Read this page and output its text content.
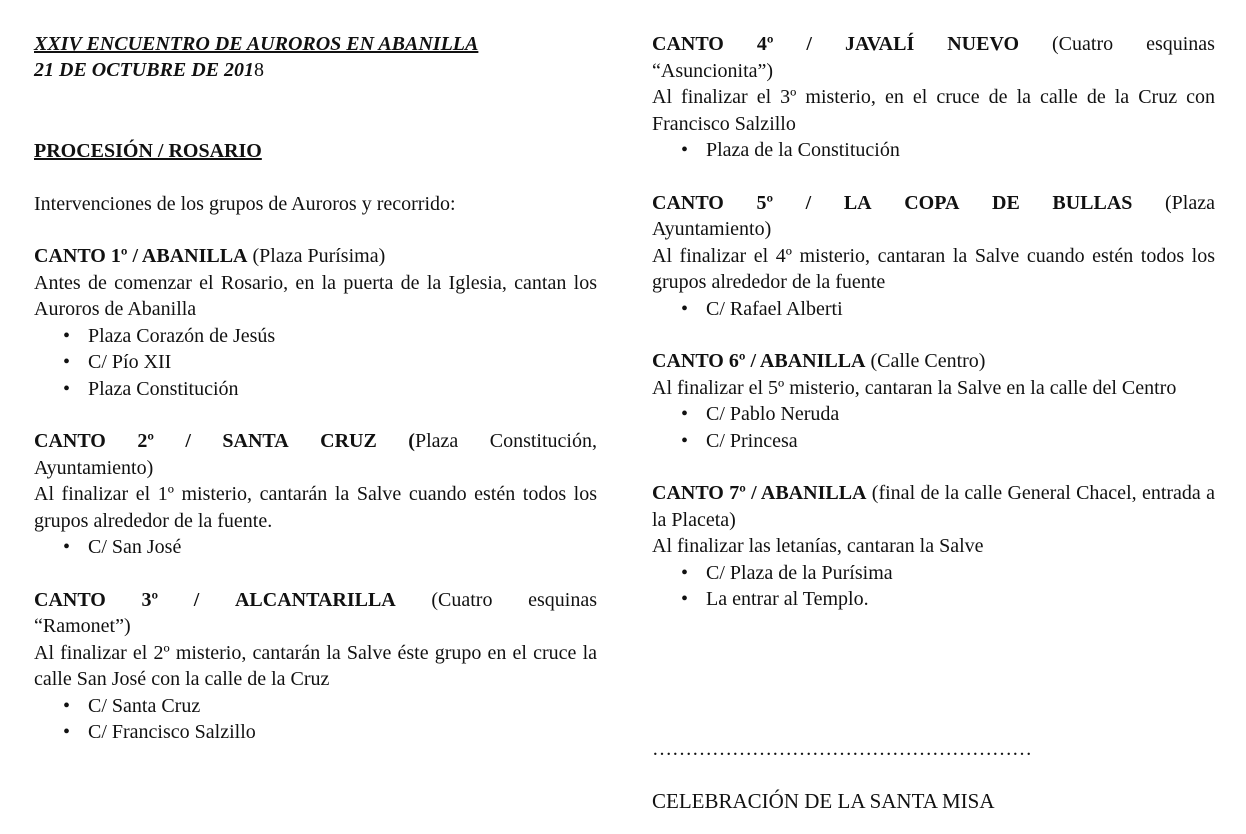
XXIV ENCUENTRO DE AUROROS EN ABANILLA
21 DE OCTUBRE DE 2018
PROCESIÓN / ROSARIO
Intervenciones de los grupos de Auroros y recorrido:
CANTO 1º / ABANILLA (Plaza Purísima)
Antes de comenzar el Rosario, en la puerta de la Iglesia, cantan los Auroros de Abanilla
• Plaza Corazón de Jesús
• C/ Pío XII
• Plaza Constitución
CANTO 2º / SANTA CRUZ (Plaza Constitución,
Ayuntamiento)
Al finalizar el 1º misterio, cantarán la Salve cuando estén todos los grupos alrededor de la fuente.
• C/ San José
CANTO 3º / ALCANTARILLA (Cuatro esquinas
“Ramonet”)
Al finalizar el 2º misterio, cantarán la Salve éste grupo en el cruce la calle San José con la calle de la Cruz
• C/ Santa Cruz
• C/ Francisco Salzillo
CANTO 4º / JAVALÍ NUEVO (Cuatro esquinas
“Asuncionita”)
Al finalizar el 3º misterio, en el cruce de la calle de la Cruz con Francisco Salzillo
• Plaza de la Constitución
CANTO 5º / LA COPA DE BULLAS (Plaza
Ayuntamiento)
Al finalizar el 4º misterio, cantaran la Salve cuando estén todos los grupos alrededor de la fuente
• C/ Rafael Alberti
CANTO 6º / ABANILLA (Calle Centro)
Al finalizar el 5º misterio, cantaran la Salve en la calle del Centro
• C/ Pablo Neruda
• C/ Princesa
CANTO 7º / ABANILLA (final de la calle General Chacel, entrada a la Placeta)
Al finalizar las letanías, cantaran la Salve
• C/ Plaza de la Purísima
• La entrar al Templo.
…………………………………………………
CELEBRACIÓN DE LA SANTA MISA
